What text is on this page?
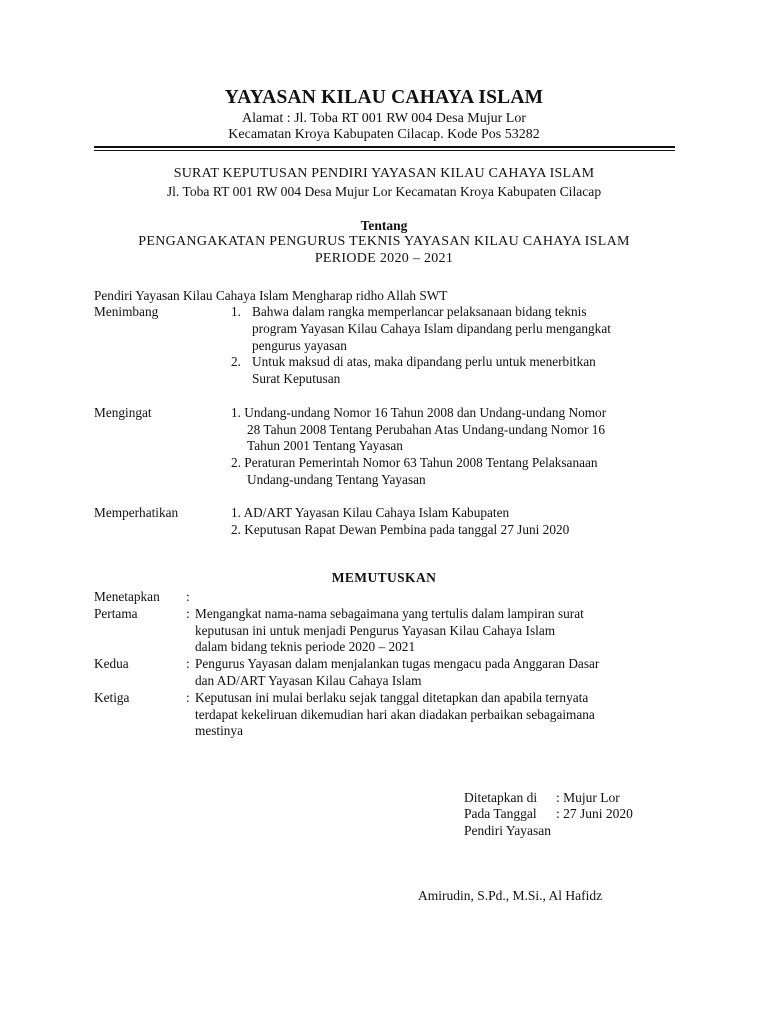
YAYASAN KILAU CAHAYA ISLAM
Alamat : Jl. Toba RT 001 RW 004 Desa Mujur Lor
Kecamatan Kroya Kabupaten Cilacap. Kode Pos 53282
SURAT KEPUTUSAN PENDIRI YAYASAN KILAU CAHAYA ISLAM
Jl. Toba RT 001 RW 004 Desa Mujur Lor Kecamatan Kroya Kabupaten Cilacap
Tentang
PENGANGAKATAN PENGURUS TEKNIS YAYASAN KILAU CAHAYA ISLAM
PERIODE 2020 – 2021
Pendiri Yayasan Kilau Cahaya Islam Mengharap ridho Allah SWT
Menimbang	1. Bahwa dalam rangka memperlancar pelaksanaan bidang teknis
program Yayasan Kilau Cahaya Islam dipandang perlu mengangkat
pengurus yayasan
2. Untuk maksud di atas, maka dipandang perlu untuk menerbitkan
Surat Keputusan
Mengingat	1. Undang-undang Nomor 16 Tahun 2008 dan Undang-undang Nomor
28 Tahun 2008 Tentang Perubahan Atas Undang-undang Nomor 16
Tahun 2001 Tentang Yayasan
2. Peraturan Pemerintah Nomor 63 Tahun 2008 Tentang Pelaksanaan
Undang-undang Tentang Yayasan
Memperhatikan	1. AD/ART Yayasan Kilau Cahaya Islam Kabupaten
2. Keputusan Rapat Dewan Pembina pada tanggal 27 Juni 2020
MEMUTUSKAN
Menetapkan :
Pertama	: Mengangkat nama-nama sebagaimana yang tertulis dalam lampiran surat
keputusan ini untuk menjadi Pengurus Yayasan Kilau Cahaya Islam
dalam bidang teknis periode 2020 – 2021
Kedua	: Pengurus Yayasan dalam menjalankan tugas mengacu pada Anggaran Dasar
dan AD/ART Yayasan Kilau Cahaya Islam
Ketiga	: Keputusan ini mulai berlaku sejak tanggal ditetapkan dan apabila ternyata
terdapat kekeliruan dikemudian hari akan diadakan perbaikan sebagaimana
mestinya
Ditetapkan di : Mujur Lor
Pada Tanggal : 27 Juni 2020
Pendiri Yayasan
Amirudin, S.Pd., M.Si., Al Hafidz
